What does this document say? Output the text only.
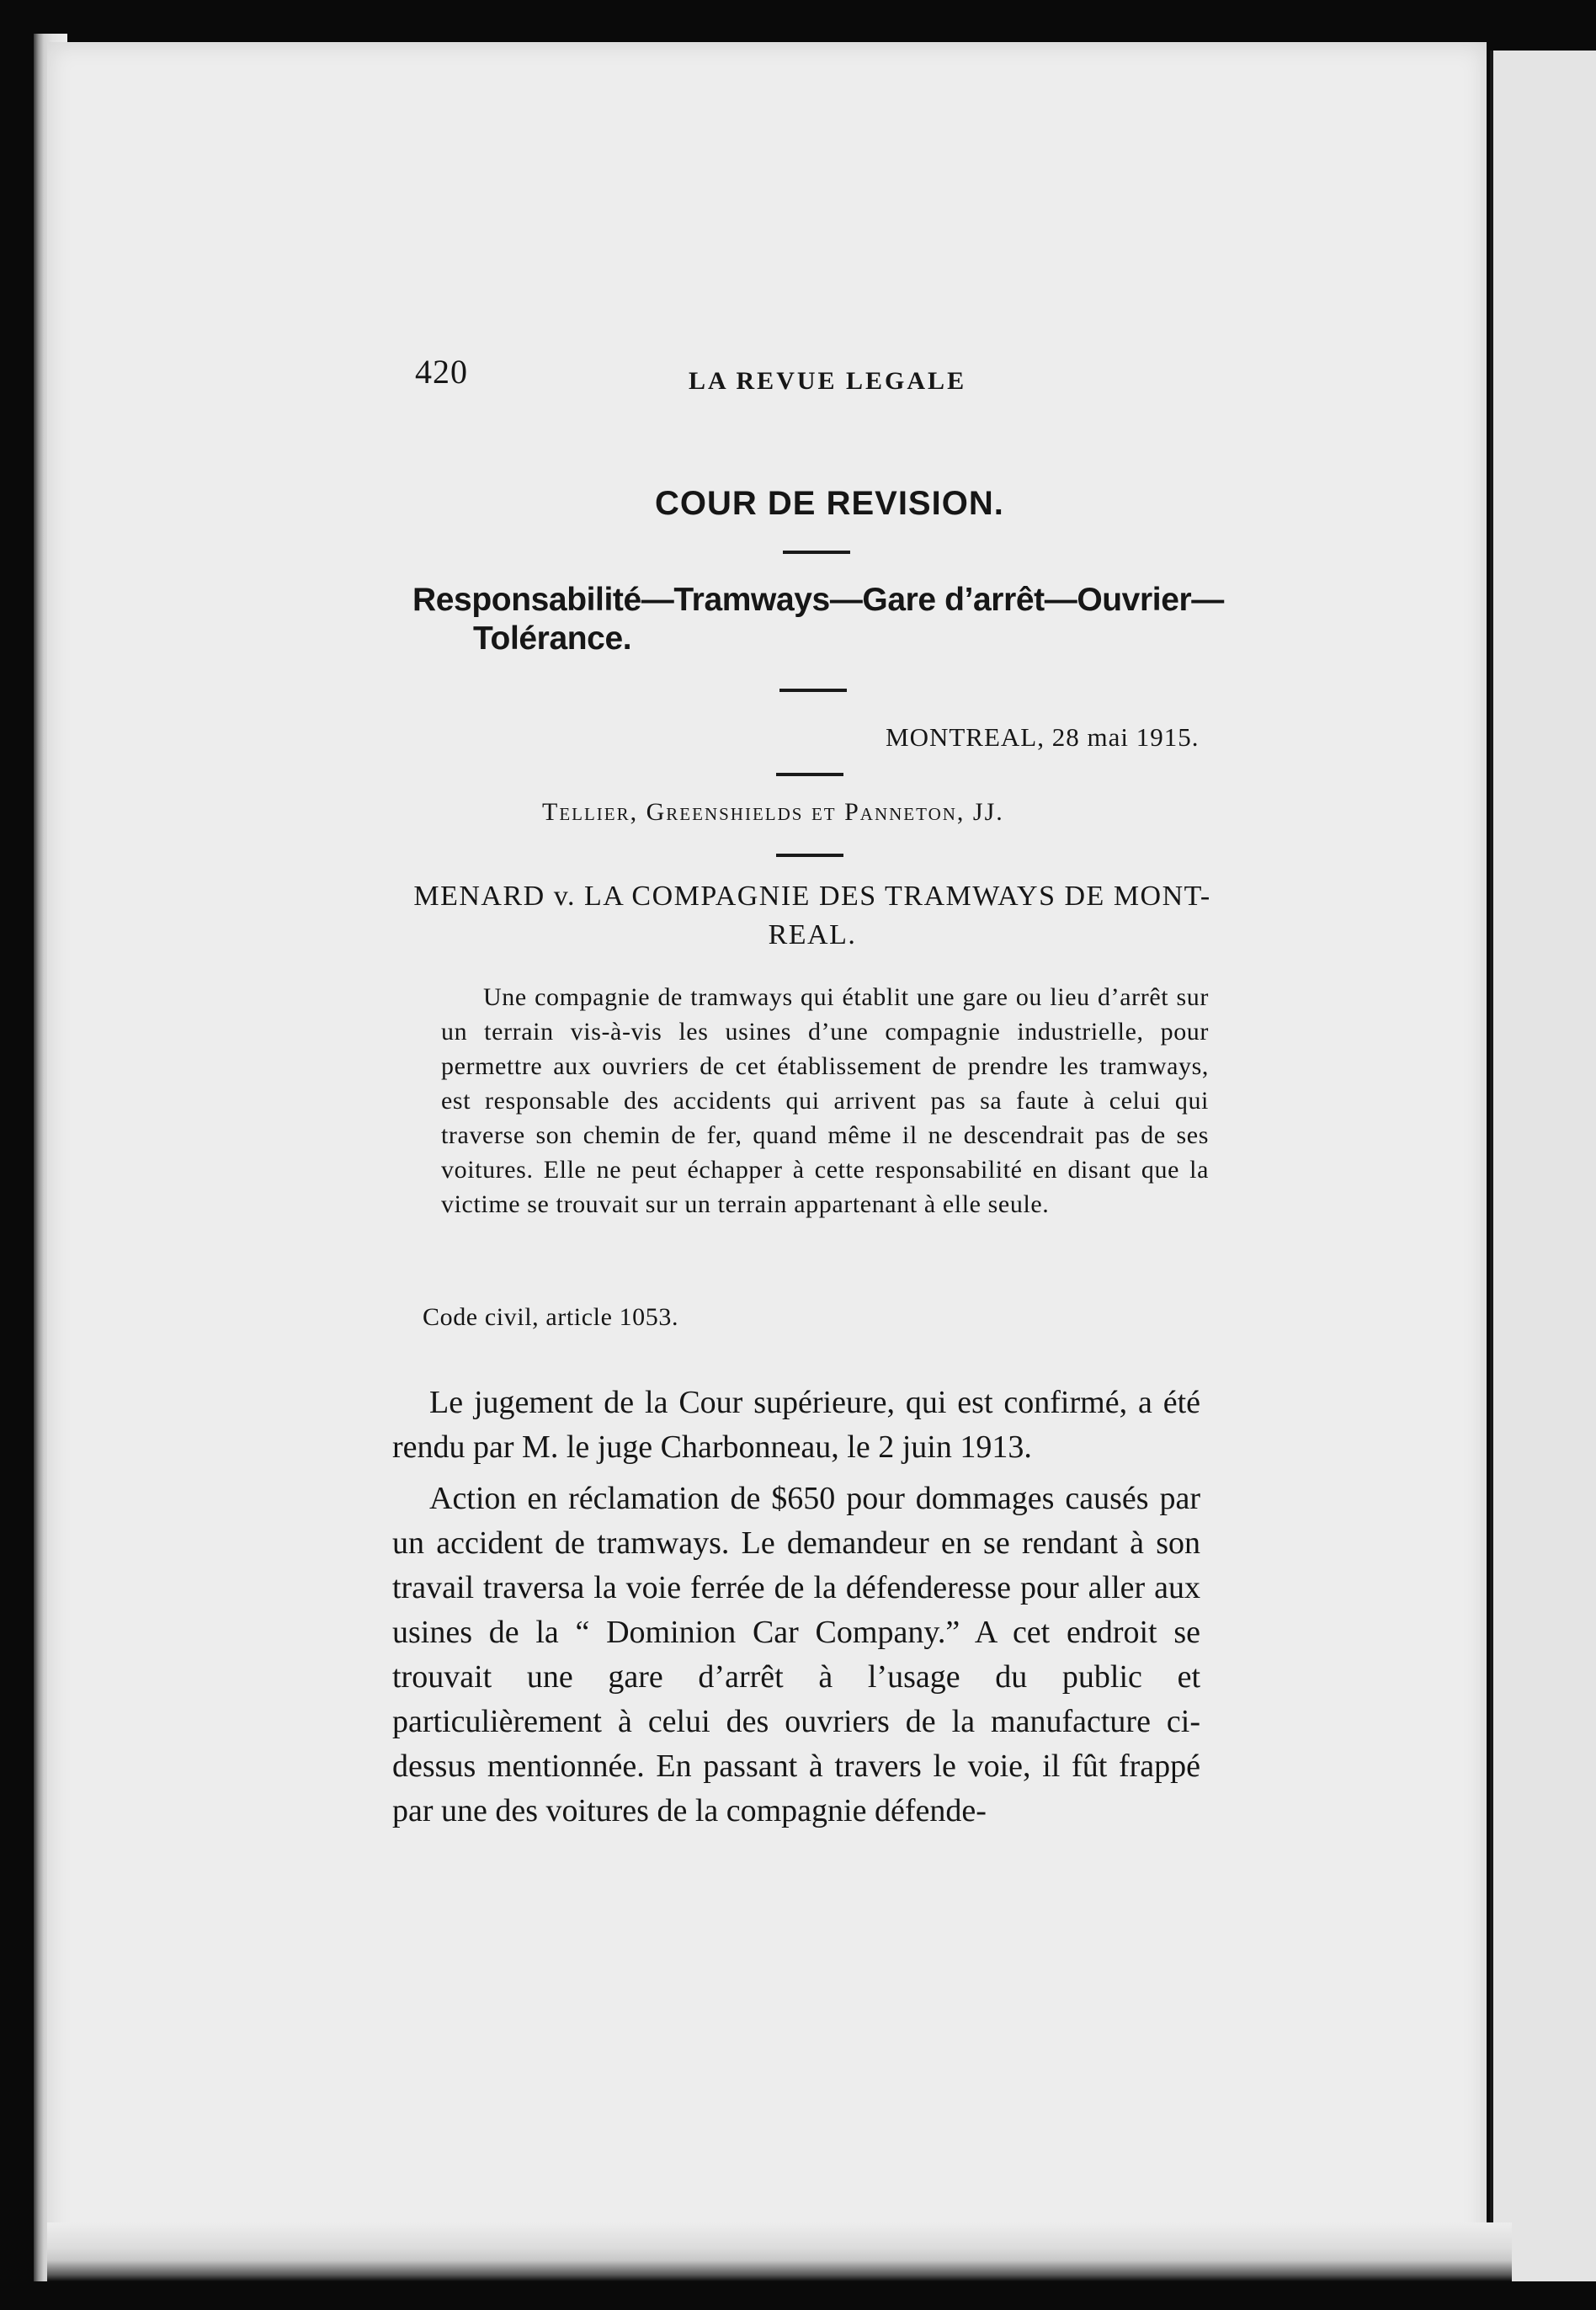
420	LA REVUE LEGALE
COUR DE REVISION.
Responsabilité—Tramways—Gare d’arrêt—Ouvrier—
Tolérance.
MONTREAL, 28 mai 1915.
Tellier, Greenshields et Panneton, JJ.
MENARD v. LA COMPAGNIE DES TRAMWAYS DE MONT-REAL.
Une compagnie de tramways qui établit une gare ou lieu d’arrêt sur un terrain vis-à-vis les usines d’une compagnie industrielle, pour permettre aux ouvriers de cet établissement de prendre les tramways, est responsable des accidents qui arrivent pas sa faute à celui qui traverse son chemin de fer, quand même il ne descendrait pas de ses voitures. Elle ne peut échapper à cette responsabilité en disant que la victime se trouvait sur un terrain appartenant à elle seule.
Code civil, article 1053.

Le jugement de la Cour supérieure, qui est confirmé, a été rendu par M. le juge Charbonneau, le 2 juin 1913.

Action en réclamation de $650 pour dommages causés par un accident de tramways. Le demandeur en se rendant à son travail traversa la voie ferrée de la défenderesse pour aller aux usines de la “ Dominion Car Company.” A cet endroit se trouvait une gare d’arrêt à l’usage du public et particulièrement à celui des ouvriers de la manufacture ci-dessus mentionnée. En passant à travers le voie, il fût frappé par une des voitures de la compagnie défende-
